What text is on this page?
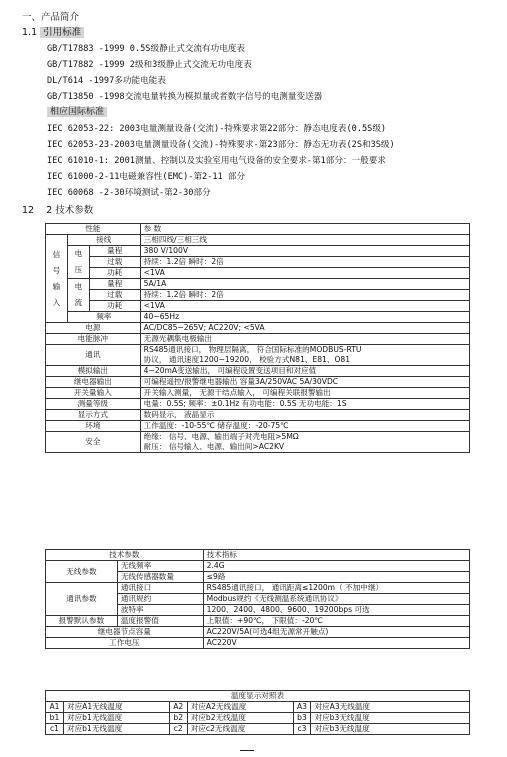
一、产品简介
1.1 引用标准
GB/T17883 -1999 0.5S级静止式交流有功电度表
GB/T17882 -1999 2级和3级静止式交流无功电度表
DL/T614 -1997多功能电能表
GB/T13850 -1998交流电量转换为模拟量或者数字信号的电测量变送器
相应国际标准
IEC 62053-22: 2003电量测量设备(交流)-特殊要求第22部分：静态电度表(0.5S级)
IEC 62053-23-2003电量测量设备(交流)-特殊要求-第23部分：静态无功表(2S和3S级)
IEC 61010-1: 2001测量、控制以及实验室用电气设备的安全要求-第1部分：一般要求
IEC 61000-2-11电磁兼容性(EMC)-第2-11 部分
IEC 60068 -2-30环境测试-第2-30部分
12 2 技术参数
性能			参 数
信号输入	接线		三相四线/三相三线
	电压	量程	380 V/100V
		过载	持续：1.2倍 瞬时：2倍
		功耗	<1VA
	电流	量程	5A/1A
		过载	持续：1.2倍 瞬时：2倍
		功耗	<1VA
	频率		40~65Hz
电源			AC/DC85~265V; AC220V; <5VA
电能脉冲			无源光耦集电极输出
通讯			RS485通讯接口， 物理层隔离， 符合国际标准的MODBUS-RTU
协议， 通讯速度1200~19200， 校验方式N81、E81、O81

模拟输出			4~20mA变送输出， 可编程设置变送项目和对应值
继电器输出			可编程遥控/报警继电器输出 容量3A/250VAC 5A/30VDC
开关量输入			开关输入测量， 无源干结点输入， 可编程关联报警输出
测量等级			电量：0.5S; 频率：±0.1Hz 有功电能：0.5S 无功电能：1S
显示方式			数码显示， 液晶显示
环境			工作温度：-10-55℃ 储存温度：-20-75℃
安全			绝缘： 信号、电源、输出端子对壳电阻>5MΩ
耐压： 信号输入、电源、输出间>AC2KV
技术参数		技术指标
无线参数	无线频率	2.4G
	无线传感器数量	≤9路
通讯参数	通讯接口	RS485通讯接口， 通讯距离≤1200m（ 不加中继）
	通讯规约	Modbus规约《无线测温系统通讯协议》
	波特率	1200、2400、4800、9600、19200bps 可选
报警默认参数	温度报警值	上限值：+90℃， 下限值：-20℃
继电器节点容量		AC220V/5A(可选4组无源常开触点)
工作电压		AC220V
温度显示对照表					
A1	对应A1无线温度	A2	对应A2无线温度	A3	对应A3无线温度
b1	对应b1无线温度	b2	对应b2无线温度	b3	对应b3无线温度
c1	对应b1无线温度	c2	对应c2无线温度	c3	对应b3无线温度
